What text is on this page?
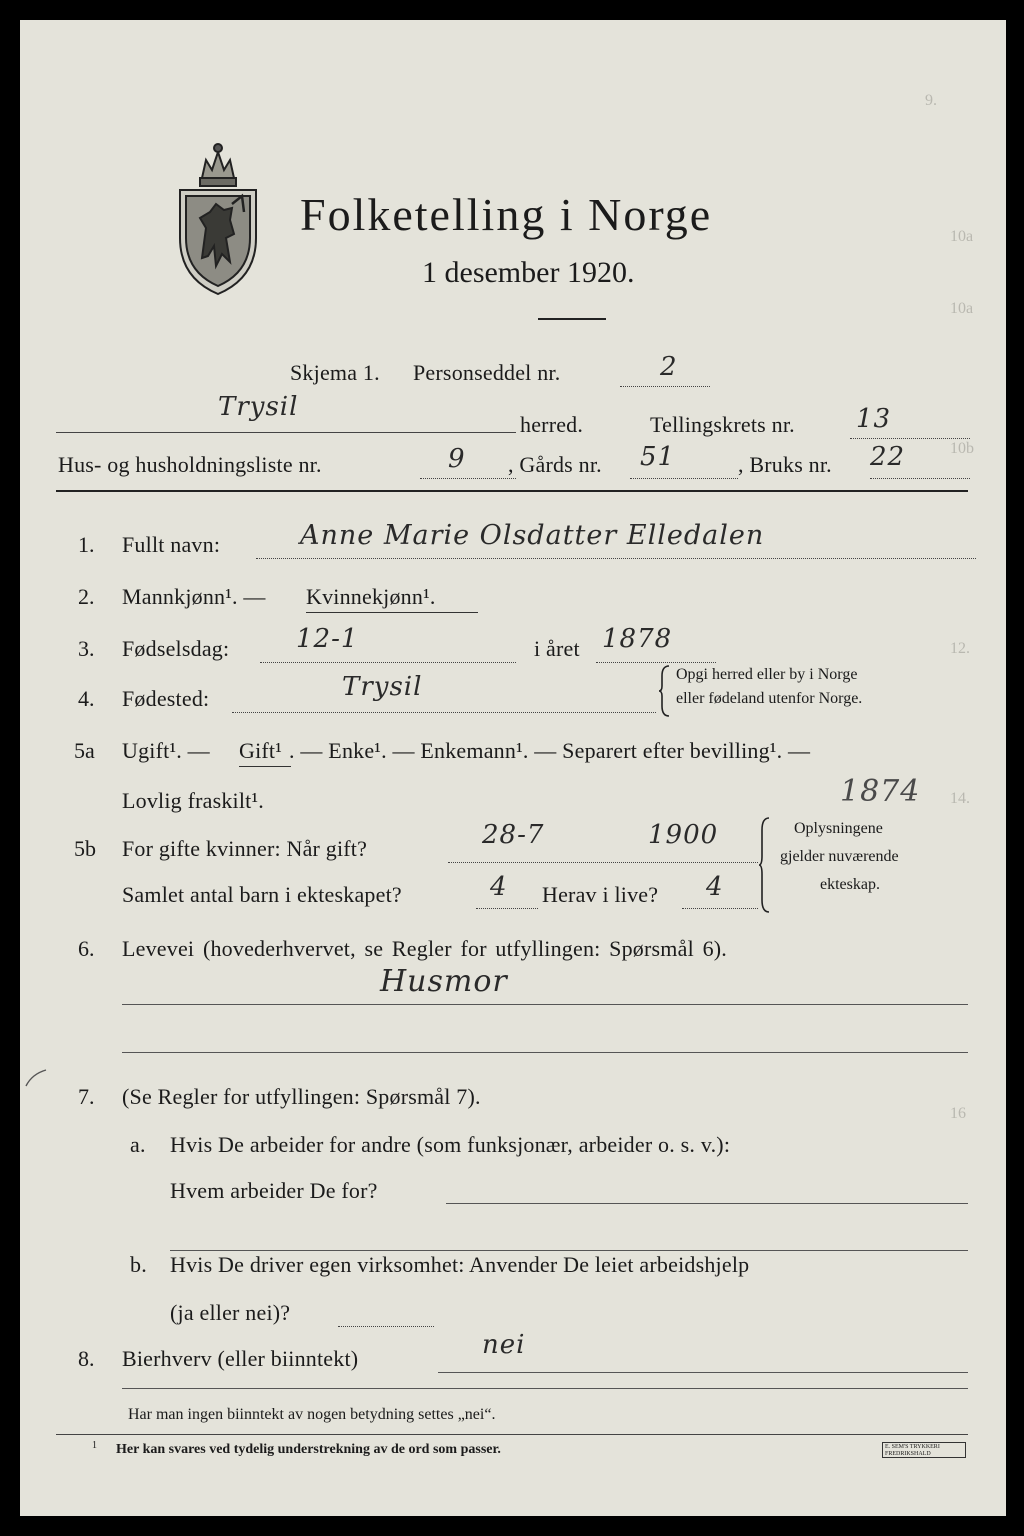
9.
10a
10a
10b
12.
14.
16
Folketelling i Norge
1 desember 1920.
Skjema 1. Personseddel nr.	2
Trysil
herred.	Tellingskrets nr. 13
Hus- og husholdningsliste nr.	9 , Gårds nr. 51	, Bruks nr. 22
1. Fullt navn:	Anne Marie Olsdatter Elledalen
2. Mannkjønn¹. — Kvinnekjønn¹.
3. Fødselsdag:	12-1	i året 1878
4. Fødested:	Trysil	Opgi herred eller by i Norge
eller fødeland utenfor Norge.
5a Ugift¹. — Gift¹ . — Enke¹. — Enkemann¹. — Separert efter bevilling¹. —
Lovlig fraskilt¹.	1874
5b For gifte kvinner: Når gift?	28-7	1900
Samlet antal barn i ekteskapet?	4 Herav i live? 4
Oplysningene
gjelder nuværende
ekteskap.
6. Levevei (hovederhvervet, se Regler for utfyllingen: Spørsmål 6).
Husmor
7. (Se Regler for utfyllingen: Spørsmål 7).
a. Hvis De arbeider for andre (som funksjonær, arbeider o. s. v.):
Hvem arbeider De for?
b. Hvis De driver egen virksomhet: Anvender De leiet arbeidshjelp
(ja eller nei)?
8. Bierhverv (eller biinntekt)	nei
Har man ingen biinntekt av nogen betydning settes „nei“.
1 Her kan svares ved tydelig understrekning av de ord som passer.	E. SEM'S TRYKKERI FREDRIKSHALD
